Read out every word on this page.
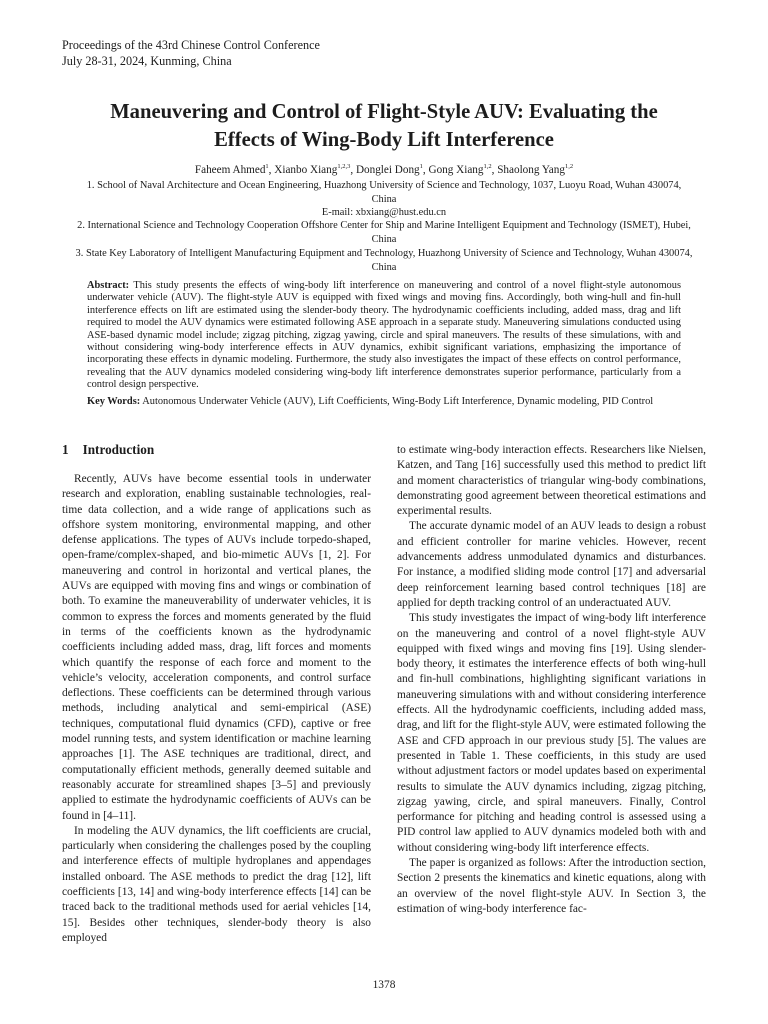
Proceedings of the 43rd Chinese Control Conference
July 28-31, 2024, Kunming, China
Maneuvering and Control of Flight-Style AUV: Evaluating the
Effects of Wing-Body Lift Interference
Faheem Ahmed$^1$, Xianbo Xiang$^{1,2,3}$, Donglei Dong$^1$, Gong Xiang$^{1,2}$, Shaolong Yang$^{1,2}$
1. School of Naval Architecture and Ocean Engineering, Huazhong University of Science and Technology, 1037, Luoyu Road, Wuhan 430074, China
E-mail: xbxiang@hust.edu.cn
2. International Science and Technology Cooperation Offshore Center for Ship and Marine Intelligent Equipment and Technology (ISMET), Hubei, China
3. State Key Laboratory of Intelligent Manufacturing Equipment and Technology, Huazhong University of Science and Technology, Wuhan 430074, China
Abstract: This study presents the effects of wing-body lift interference on maneuvering and control of a novel flight-style autonomous underwater vehicle (AUV). The flight-style AUV is equipped with fixed wings and moving fins. Accordingly, both wing-hull and fin-hull interference effects on lift are estimated using the slender-body theory. The hydrodynamic coefficients including, added mass, drag and lift required to model the AUV dynamics were estimated following ASE approach in a separate study. Maneuvering simulations conducted using ASE-based dynamic model include; zigzag pitching, zigzag yawing, circle and spiral maneuvers. The results of these simulations, with and without considering wing-body interference effects in AUV dynamics, exhibit significant variations, emphasizing the importance of incorporating these effects in dynamic modeling. Furthermore, the study also investigates the impact of these effects on control performance, revealing that the AUV dynamics modeled considering wing-body lift interference demonstrates superior performance, particularly from a control design perspective.
Key Words: Autonomous Underwater Vehicle (AUV), Lift Coefficients, Wing-Body Lift Interference, Dynamic modeling, PID Control
1 Introduction

Recently, AUVs have become essential tools in underwater research and exploration, enabling sustainable technologies, real-time data collection, and a wide range of applications such as offshore system monitoring, environmental mapping, and other defense applications. The types of AUVs include torpedo-shaped, open-frame/complex-shaped, and bio-mimetic AUVs [1, 2]. For maneuvering and control in horizontal and vertical planes, the AUVs are equipped with moving fins and wings or combination of both. To examine the maneuverability of underwater vehicles, it is common to express the forces and moments generated by the fluid in terms of the coefficients known as the hydrodynamic coefficients including added mass, drag, lift forces and moments which quantify the response of each force and moment to the vehicle’s velocity, acceleration components, and control surface deflections. These coefficients can be determined through various methods, including analytical and semi-empirical (ASE) techniques, computational fluid dynamics (CFD), captive or free model running tests, and system identification or machine learning approaches [1]. The ASE techniques are traditional, direct, and computationally efficient methods, generally deemed suitable and reasonably accurate for streamlined shapes [3–5] and previously applied to estimate the hydrodynamic coefficients of AUVs can be found in [4–11].

In modeling the AUV dynamics, the lift coefficients are crucial, particularly when considering the challenges posed by the coupling and interference effects of multiple hydroplanes and appendages installed onboard. The ASE methods to predict the drag [12], lift coefficients [13, 14] and wing-body interference effects [14] can be traced back to the traditional methods used for aerial vehicles [14, 15]. Besides other techniques, slender-body theory is also employed

to estimate wing-body interaction effects. Researchers like Nielsen, Katzen, and Tang [16] successfully used this method to predict lift and moment characteristics of triangular wing-body combinations, demonstrating good agreement between theoretical estimations and experimental results.

The accurate dynamic model of an AUV leads to design a robust and efficient controller for marine vehicles. However, recent advancements address unmodulated dynamics and disturbances. For instance, a modified sliding mode control [17] and adversarial deep reinforcement learning based control techniques [18] are applied for depth tracking control of an underactuated AUV.

This study investigates the impact of wing-body lift interference on the maneuvering and control of a novel flight-style AUV equipped with fixed wings and moving fins [19]. Using slender-body theory, it estimates the interference effects of both wing-hull and fin-hull combinations, highlighting significant variations in maneuvering simulations with and without considering interference effects. All the hydrodynamic coefficients, including added mass, drag, and lift for the flight-style AUV, were estimated following the ASE and CFD approach in our previous study [5]. The values are presented in Table 1. These coefficients, in this study are used without adjustment factors or model updates based on experimental results to simulate the AUV dynamics including, zigzag pitching, zigzag yawing, circle, and spiral maneuvers. Finally, Control performance for pitching and heading control is assessed using a PID control law applied to AUV dynamics modeled both with and without considering wing-body lift interference effects.

The paper is organized as follows: After the introduction section, Section 2 presents the kinematics and kinetic equations, along with an overview of the novel flight-style AUV. In Section 3, the estimation of wing-body interference fac-

1378
